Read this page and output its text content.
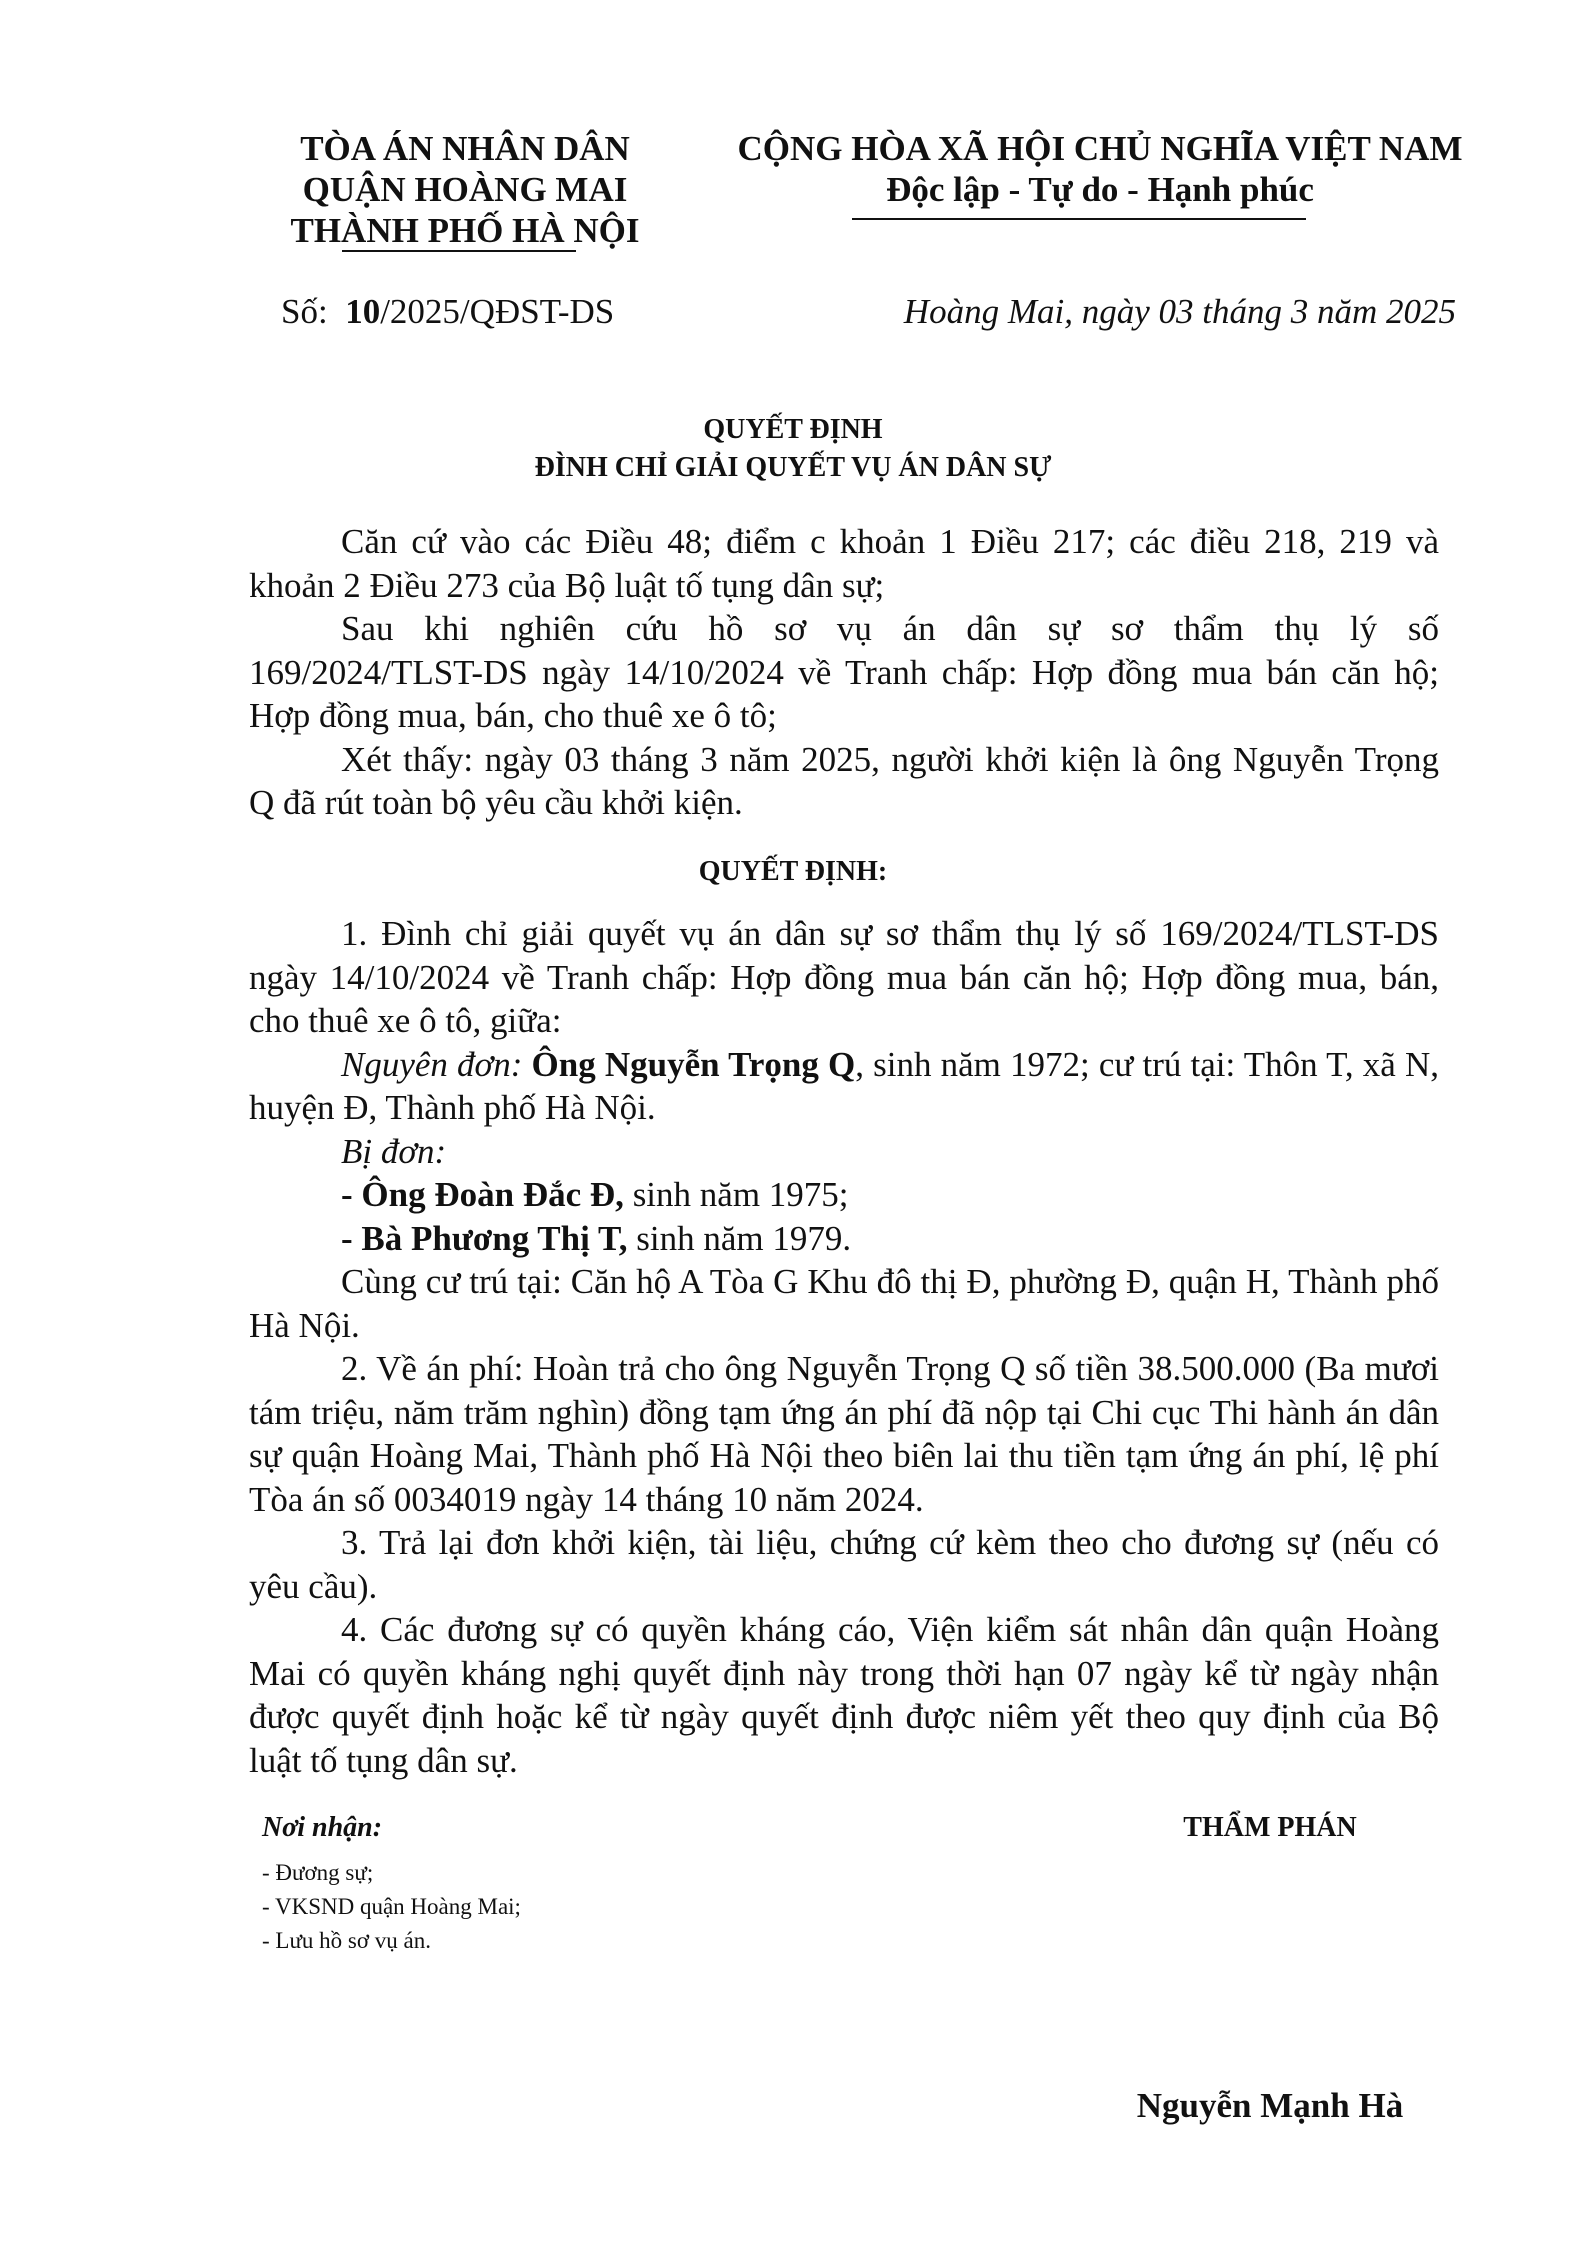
TÒA ÁN NHÂN DÂN
QUẬN HOÀNG MAI
THÀNH PHỐ HÀ NỘI
CỘNG HÒA XÃ HỘI CHỦ NGHĨA VIỆT NAM
Độc lập - Tự do - Hạnh phúc
Số: 10/2025/QĐST-DS	Hoàng Mai, ngày 03 tháng 3 năm 2025
QUYẾT ĐỊNH
ĐÌNH CHỈ GIẢI QUYẾT VỤ ÁN DÂN SỰ

Căn cứ vào các Điều 48; điểm c khoản 1 Điều 217; các điều 218, 219 và

khoản 2 Điều 273 của Bộ luật tố tụng dân sự;

Sau khi nghiên cứu hồ sơ vụ án dân sự sơ thẩm thụ lý số

169/2024/TLST-DS ngày 14/10/2024 về Tranh chấp: Hợp đồng mua bán căn hộ;

Hợp đồng mua, bán, cho thuê xe ô tô;

Xét thấy: ngày 03 tháng 3 năm 2025, người khởi kiện là ông Nguyễn Trọng

Q đã rút toàn bộ yêu cầu khởi kiện.

QUYẾT ĐỊNH:

1. Đình chỉ giải quyết vụ án dân sự sơ thẩm thụ lý số 169/2024/TLST-DS ngày 14/10/2024 về Tranh chấp: Hợp đồng mua bán căn hộ; Hợp đồng mua, bán, cho thuê xe ô tô, giữa:

Nguyên đơn: Ông Nguyễn Trọng Q, sinh năm 1972; cư trú tại: Thôn T, xã N, huyện Đ, Thành phố Hà Nội.

Bị đơn:

- Ông Đoàn Đắc Đ, sinh năm 1975;

- Bà Phương Thị T, sinh năm 1979.

Cùng cư trú tại: Căn hộ A Tòa G Khu đô thị Đ, phường Đ, quận H, Thành phố Hà Nội.

2. Về án phí: Hoàn trả cho ông Nguyễn Trọng Q số tiền 38.500.000 (Ba mươi tám triệu, năm trăm nghìn) đồng tạm ứng án phí đã nộp tại Chi cục Thi hành án dân sự quận Hoàng Mai, Thành phố Hà Nội theo biên lai thu tiền tạm ứng án phí, lệ phí Tòa án số 0034019 ngày 14 tháng 10 năm 2024.

3. Trả lại đơn khởi kiện, tài liệu, chứng cứ kèm theo cho đương sự (nếu có yêu cầu).

4. Các đương sự có quyền kháng cáo, Viện kiểm sát nhân dân quận Hoàng Mai có quyền kháng nghị quyết định này trong thời hạn 07 ngày kể từ ngày nhận được quyết định hoặc kể từ ngày quyết định được niêm yết theo quy định của Bộ luật tố tụng dân sự.

Nơi nhận:
- Đương sự;
- VKSND quận Hoàng Mai;
- Lưu hồ sơ vụ án.
THẨM PHÁN
Nguyễn Mạnh Hà
